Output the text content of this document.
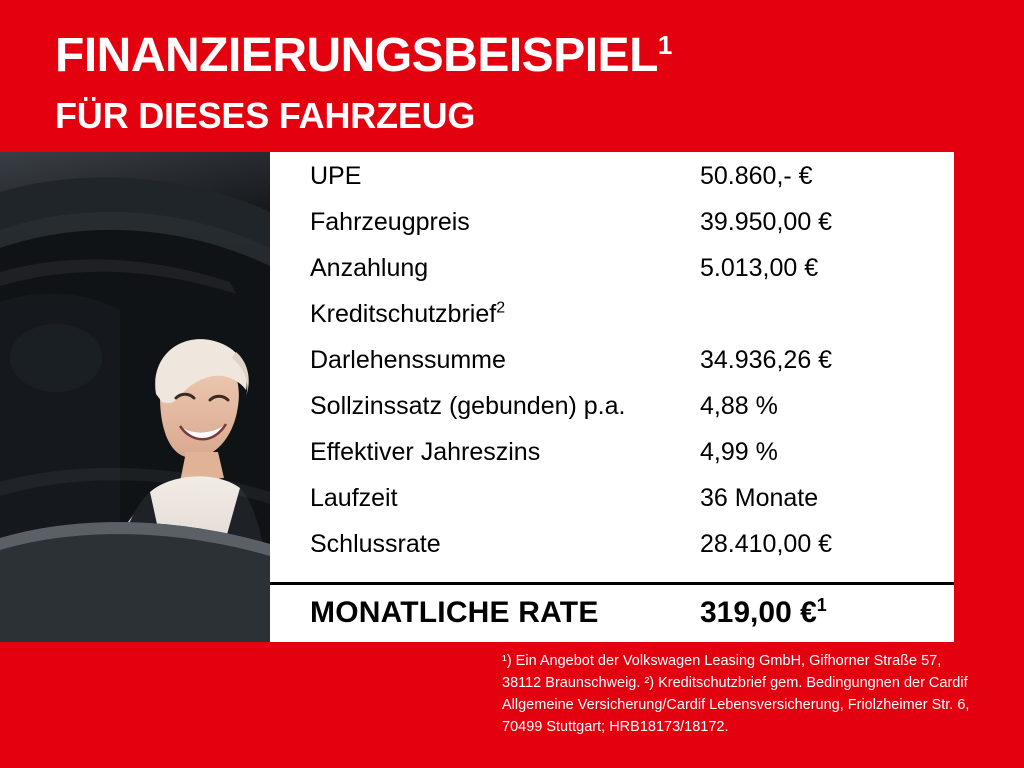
FINANZIERUNGSBEISPIEL$^1$
FÜR DIESES FAHRZEUG
UPE	50.860,- €
Fahrzeugpreis	39.950,00 €
Anzahlung	5.013,00 €
Kreditschutzbrief$^2$
Darlehenssumme	34.936,26 €
Sollzinssatz (gebunden) p.a.	4,88 %
Effektiver Jahreszins	4,99 %
Laufzeit	36 Monate
Schlussrate	28.410,00 €
MONATLICHE RATE	319,00 €$^1$
¹) Ein Angebot der Volkswagen Leasing GmbH, Gifhorner Straße 57, 38112 Braunschweig. ²) Kreditschutzbrief gem. Bedingungnen der Cardif Allgemeine Versicherung/Cardif Lebensversicherung, Friolzheimer Str. 6, 70499 Stuttgart; HRB18173/18172.
